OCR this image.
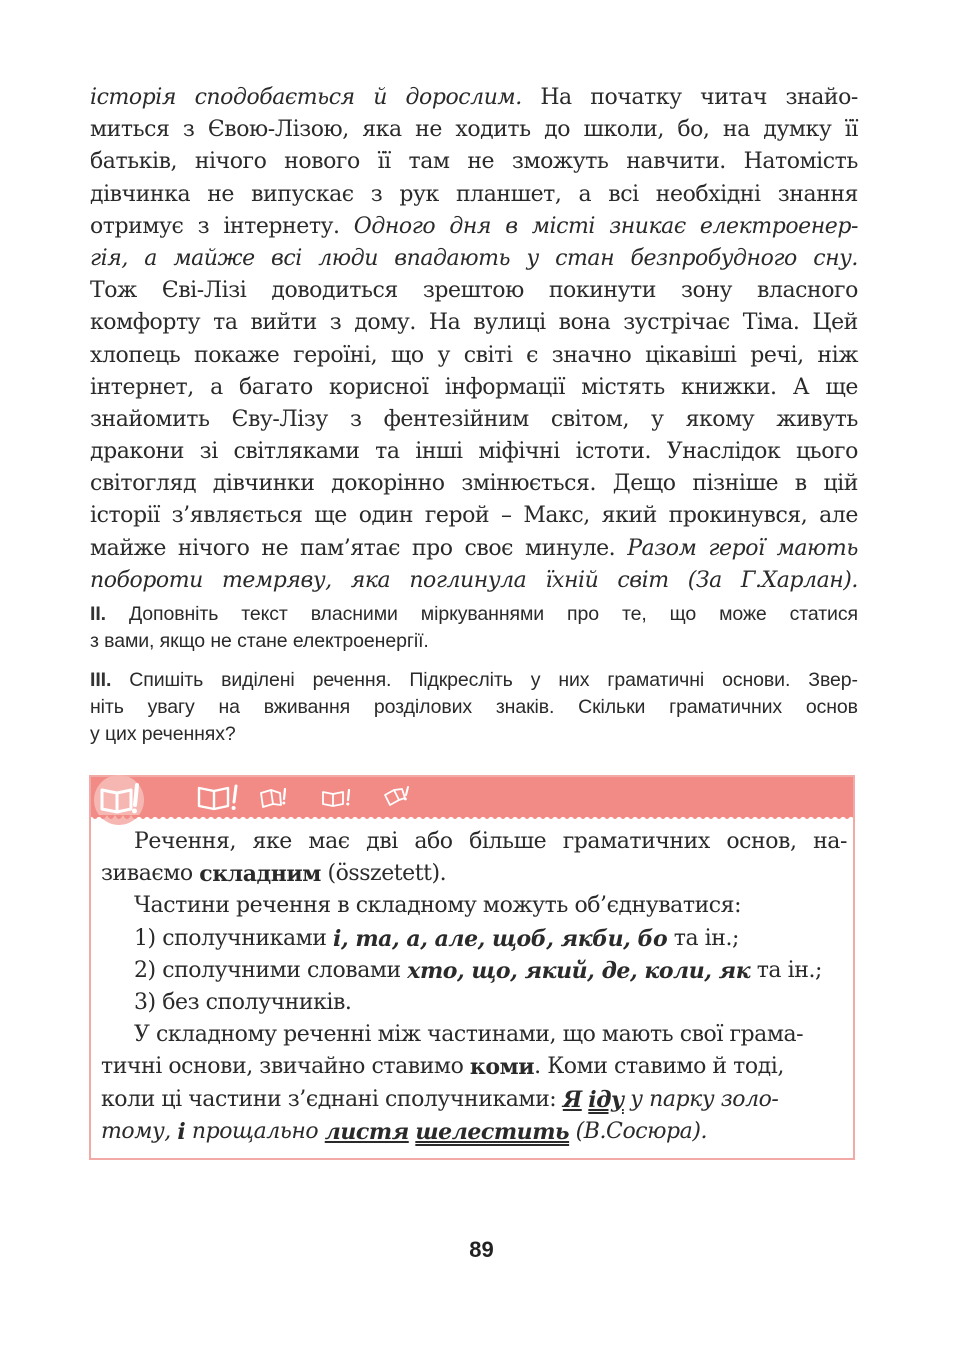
історія сподобається й дорослим. На початку читач знайо-
миться з Євою-Лізою, яка не ходить до школи, бо, на думку її
батьків, нічого нового її там не зможуть навчити. Натомість
дівчинка не випускає з рук планшет, а всі необхідні знання
отримує з інтернету. Одного дня в місті зникає електроенер-
гія, а майже всі люди впадають у стан безпробудного сну.
Тож Єві-Лізі доводиться зрештою покинути зону власного
комфорту та вийти з дому. На вулиці вона зустрічає Тіма. Цей
хлопець покаже героїні, що у світі є значно цікавіші речі, ніж
інтернет, а багато корисної інформації містять книжки. А ще
знайомить Єву-Лізу з фентезійним світом, у якому живуть
дракони зі світляками та інші міфічні істоти. Унаслідок цього
світогляд дівчинки докорінно змінюється. Дещо пізніше в цій
історії з’являється ще один герой – Макс, який прокинувся, але
майже нічого не пам’ятає про своє минуле. Разом герої мають
побороти темряву, яка поглинула їхній світ (За Г.Харлан).
II. Доповніть текст власними міркуваннями про те, що може статися
з вами, якщо не стане електроенергії.
III. Спишіть виділені речення. Підкресліть у них граматичні основи. Звер-
ніть увагу на вживання розділових знаків. Скільки граматичних основ
у цих реченнях?
Речення, яке має дві або більше граматичних основ, на-
зиваємо складним (összetett).
Частини речення в складному можуть об’єднуватися:
1) сполучниками і, та, а, але, щоб, якби, бо та ін.;
2) сполучними словами хто, що, який, де, коли, як та ін.;
3) без сполучників.
У складному реченні між частинами, що мають свої грама-
тичні основи, звичайно ставимо коми . Коми ставимо й тоді,
коли ці частини з’єднані сполучниками: Я
іду у парку золо-
тому, і прощально листя
шелестить (В.Сосюра).
89
